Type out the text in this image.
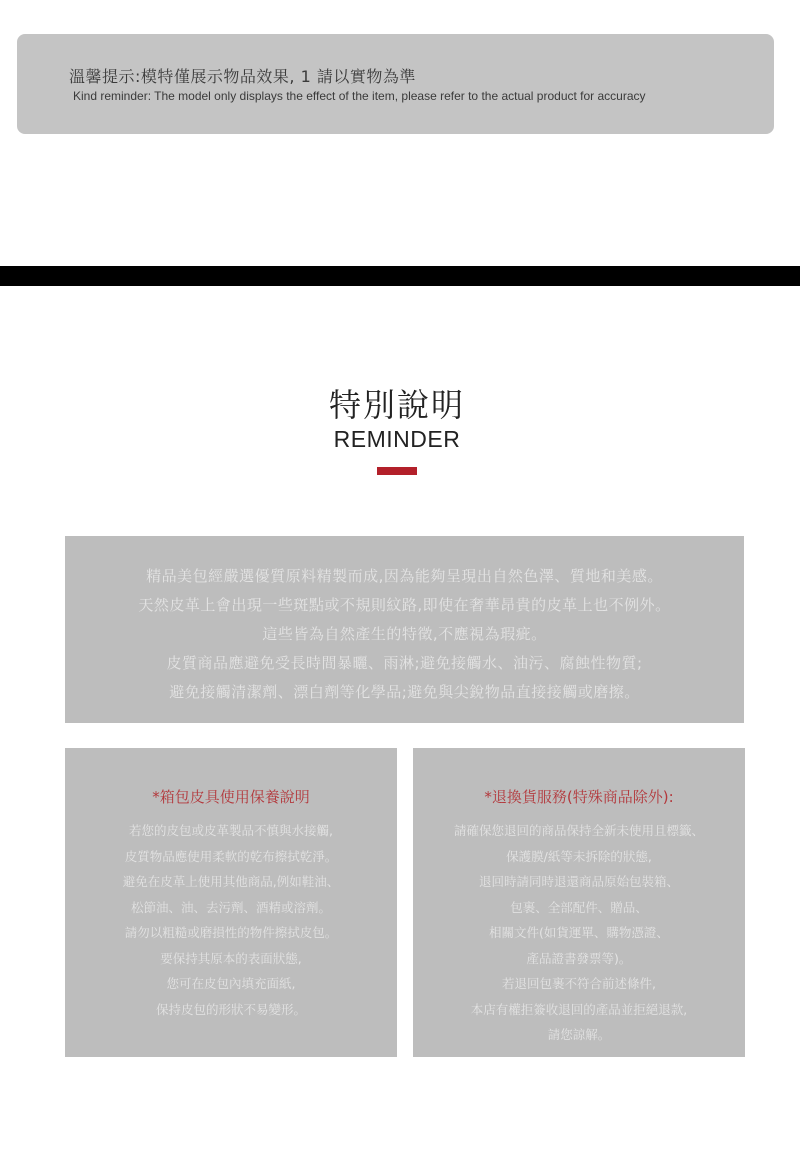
溫馨提示:模特僅展示物品效果, 1 請以實物為準
Kind reminder: The model only displays the effect of the item, please refer to the actual product for accuracy
特別說明
REMINDER
精品美包經嚴選優質原料精製而成,因為能夠呈現出自然色澤、質地和美感。
天然皮革上會出現一些斑點或不規則紋路,即使在奢華昂貴的皮革上也不例外。
這些皆為自然產生的特徵,不應視為瑕疵。
皮質商品應避免受長時間暴曬、雨淋;避免接觸水、油污、腐蝕性物質;
避免接觸清潔劑、漂白劑等化學品;避免與尖銳物品直接接觸或磨擦。
*箱包皮具使用保養說明
若您的皮包或皮革製品不慎與水接觸,
皮質物品應使用柔軟的乾布擦拭乾淨。
避免在皮革上使用其他商品,例如鞋油、
松節油、油、去污劑、酒精或溶劑。
請勿以粗糙或磨損性的物件擦拭皮包。
要保持其原本的表面狀態,
您可在皮包內填充面紙,
保持皮包的形狀不易變形。
*退換貨服務(特殊商品除外):
請確保您退回的商品保持全新未使用且標籤、
保護膜/紙等未拆除的狀態,
退回時請同時退還商品原始包裝箱、
包裹、全部配件、贈品、
相關文件(如貨運單、購物憑證、
產品證書發票等)。
若退回包裹不符合前述條件,
本店有權拒簽收退回的產品並拒絕退款,
請您諒解。
